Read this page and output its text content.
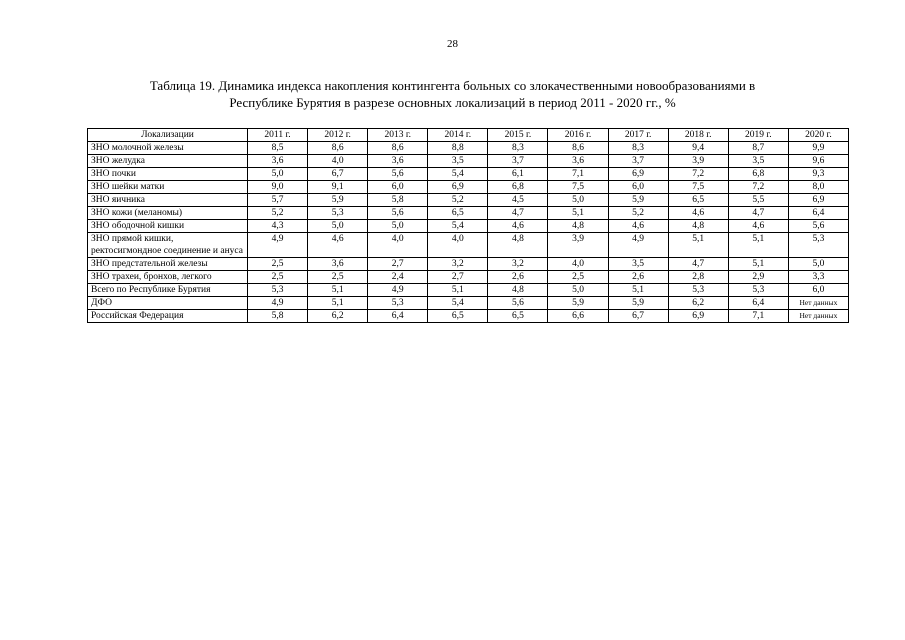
28
Таблица 19. Динамика индекса накопления контингента больных со злокачественными новообразованиями в
Республике Бурятия в разрезе основных локализаций в период 2011 - 2020 гг., %
Локализации	2011 г.	2012 г.	2013 г.	2014 г.	2015 г.	2016 г.	2017 г.	2018 г.	2019 г.	2020 г.
ЗНО молочной железы	8,5	8,6	8,6	8,8	8,3	8,6	8,3	9,4	8,7	9,9
ЗНО желудка	3,6	4,0	3,6	3,5	3,7	3,6	3,7	3,9	3,5	9,6
ЗНО почки	5,0	6,7	5,6	5,4	6,1	7,1	6,9	7,2	6,8	9,3
ЗНО шейки матки	9,0	9,1	6,0	6,9	6,8	7,5	6,0	7,5	7,2	8,0
ЗНО яичника	5,7	5,9	5,8	5,2	4,5	5,0	5,9	6,5	5,5	6,9
ЗНО кожи (меланомы)	5,2	5,3	5,6	6,5	4,7	5,1	5,2	4,6	4,7	6,4
ЗНО ободочной кишки	4,3	5,0	5,0	5,4	4,6	4,8	4,6	4,8	4,6	5,6
ЗНО прямой кишки, ректосигмондное соединение и ануса	4,9	4,6	4,0	4,0	4,8	3,9	4,9	5,1	5,1	5,3
ЗНО предстательной железы	2,5	3,6	2,7	3,2	3,2	4,0	3,5	4,7	5,1	5,0
ЗНО трахеи, бронхов, легкого	2,5	2,5	2,4	2,7	2,6	2,5	2,6	2,8	2,9	3,3
Всего по Республике Бурятия	5,3	5,1	4,9	5,1	4,8	5,0	5,1	5,3	5,3	6,0
ДФО	4,9	5,1	5,3	5,4	5,6	5,9	5,9	6,2	6,4	Нет данных
Российская Федерация	5,8	6,2	6,4	6,5	6,5	6,6	6,7	6,9	7,1	Нет данных
